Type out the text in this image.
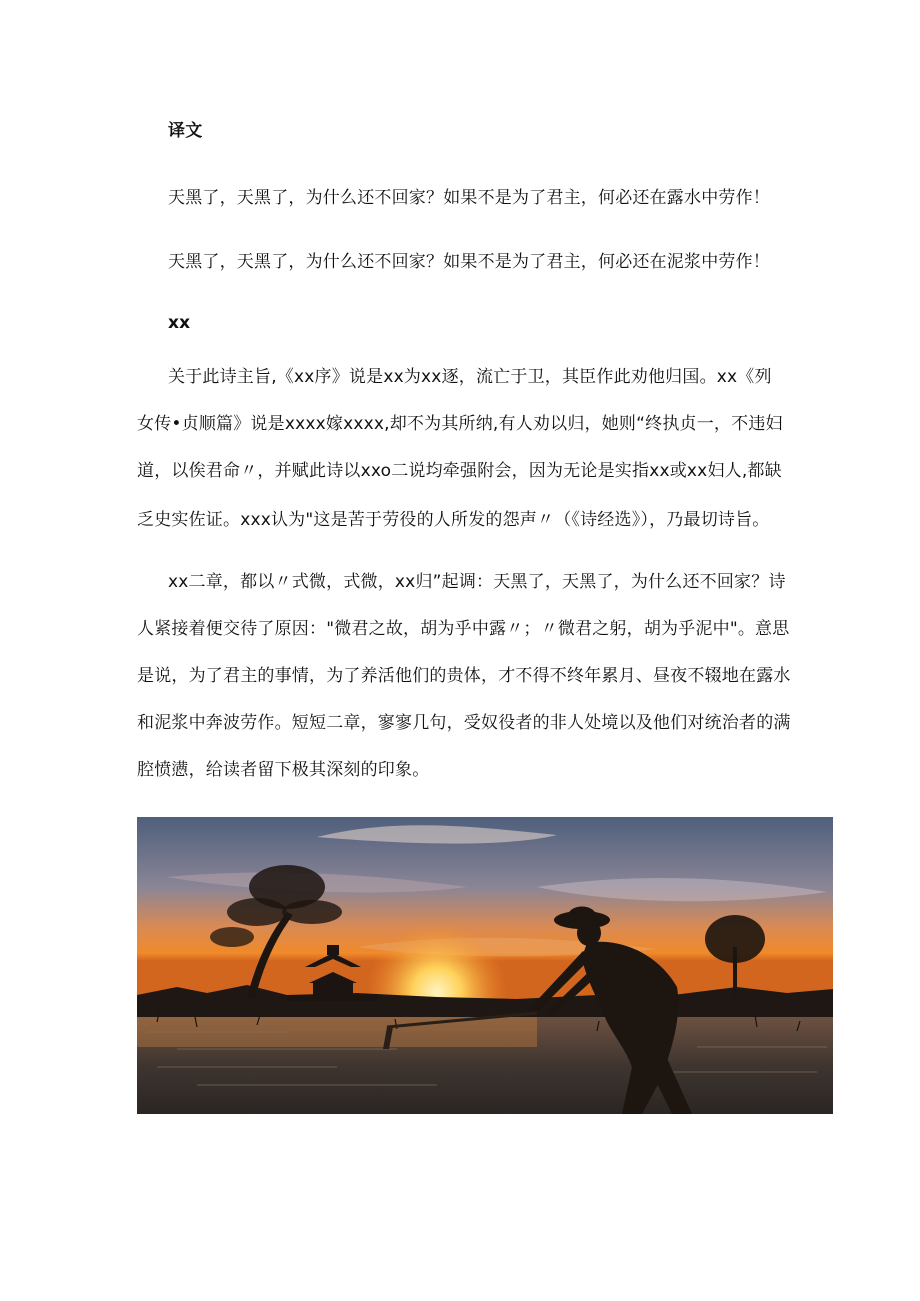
译文
天黑了，天黑了，为什么还不回家？如果不是为了君主，何必还在露水中劳作！
天黑了，天黑了，为什么还不回家？如果不是为了君主，何必还在泥浆中劳作！
xx
关于此诗主旨,《xx序》说是xx为xx逐，流亡于卫，其臣作此劝他归国。xx《列
女传•贞顺篇》说是xxxx嫁xxxx,却不为其所纳,有人劝以归，她则“终执贞一，不违妇
道，以俟君命〃，并赋此诗以xxo二说均牵强附会，因为无论是实指xx或xx妇人,都缺
乏史实佐证。xxx认为"这是苦于劳役的人所发的怨声〃（《诗经选》），乃最切诗旨。
xx二章，都以〃式微，式微，xx归”起调：天黑了，天黑了，为什么还不回家？诗
人紧接着便交待了原因："微君之故，胡为乎中露〃；〃微君之躬，胡为乎泥中"。意思
是说，为了君主的事情，为了养活他们的贵体，才不得不终年累月、昼夜不辍地在露水
和泥浆中奔波劳作。短短二章，寥寥几句，受奴役者的非人处境以及他们对统治者的满
腔愤懑，给读者留下极其深刻的印象。
